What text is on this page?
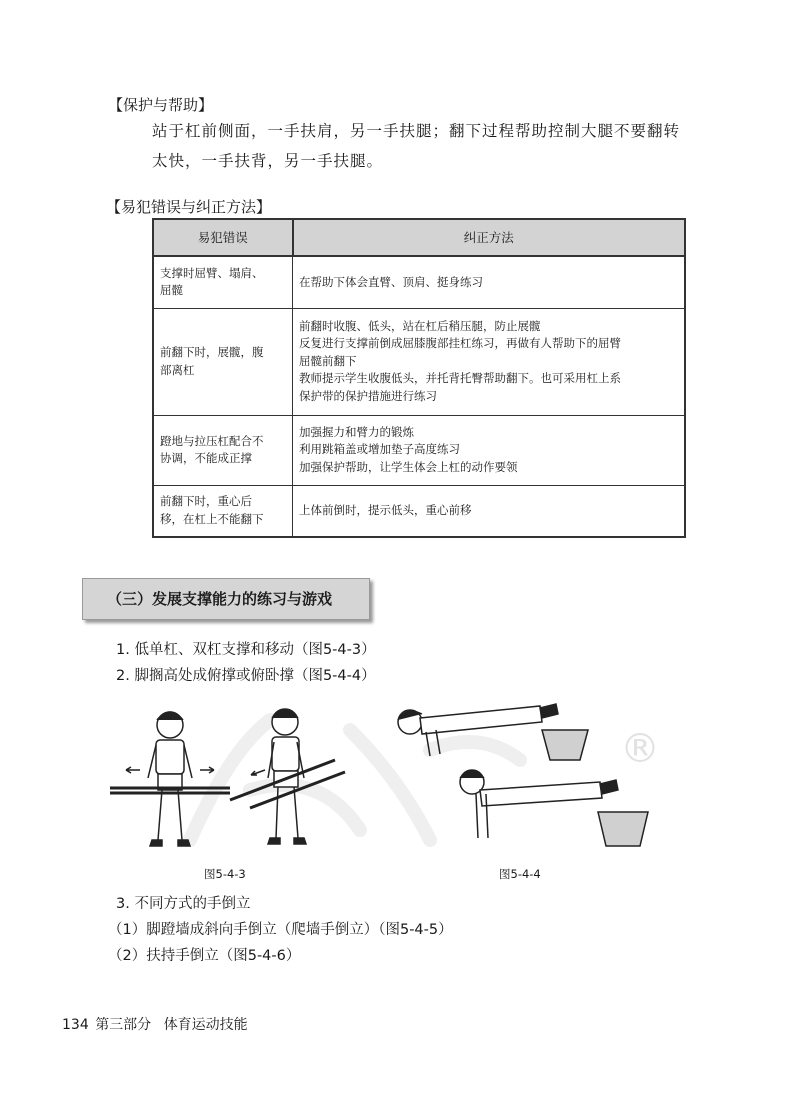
【保护与帮助】
站于杠前侧面，一手扶肩，另一手扶腿；翻下过程帮助控制大腿不要翻转
太快，一手扶背，另一手扶腿。
【易犯错误与纠正方法】
易犯错误	纠正方法

支撑时屈臂、塌肩、
屈髋	在帮助下体会直臂、顶肩、挺身练习

前翻下时，展髋，腹
部离杠	前翻时收腹、低头，站在杠后稍压腿，防止展髋
反复进行支撑前倒成屈膝腹部挂杠练习，再做有人帮助下的屈臂
屈髋前翻下
教师提示学生收腹低头，并托背托臀帮助翻下。也可采用杠上系
保护带的保护措施进行练习

蹬地与拉压杠配合不
协调，不能成正撑	加强握力和臂力的锻炼
利用跳箱盖或增加垫子高度练习
加强保护帮助，让学生体会上杠的动作要领

前翻下时，重心后
移，在杠上不能翻下	上体前倒时，提示低头，重心前移
（三）发展支撑能力的练习与游戏
1. 低单杠、双杠支撑和移动（图5-4-3）
2. 脚搁高处成俯撑或俯卧撑（图5-4-4）
®
图5-4-3	图5-4-4
3. 不同方式的手倒立
（1）脚蹬墙成斜向手倒立（爬墙手倒立）（图5-4-5）
（2）扶持手倒立（图5-4-6）
134 第三部分 体育运动技能
